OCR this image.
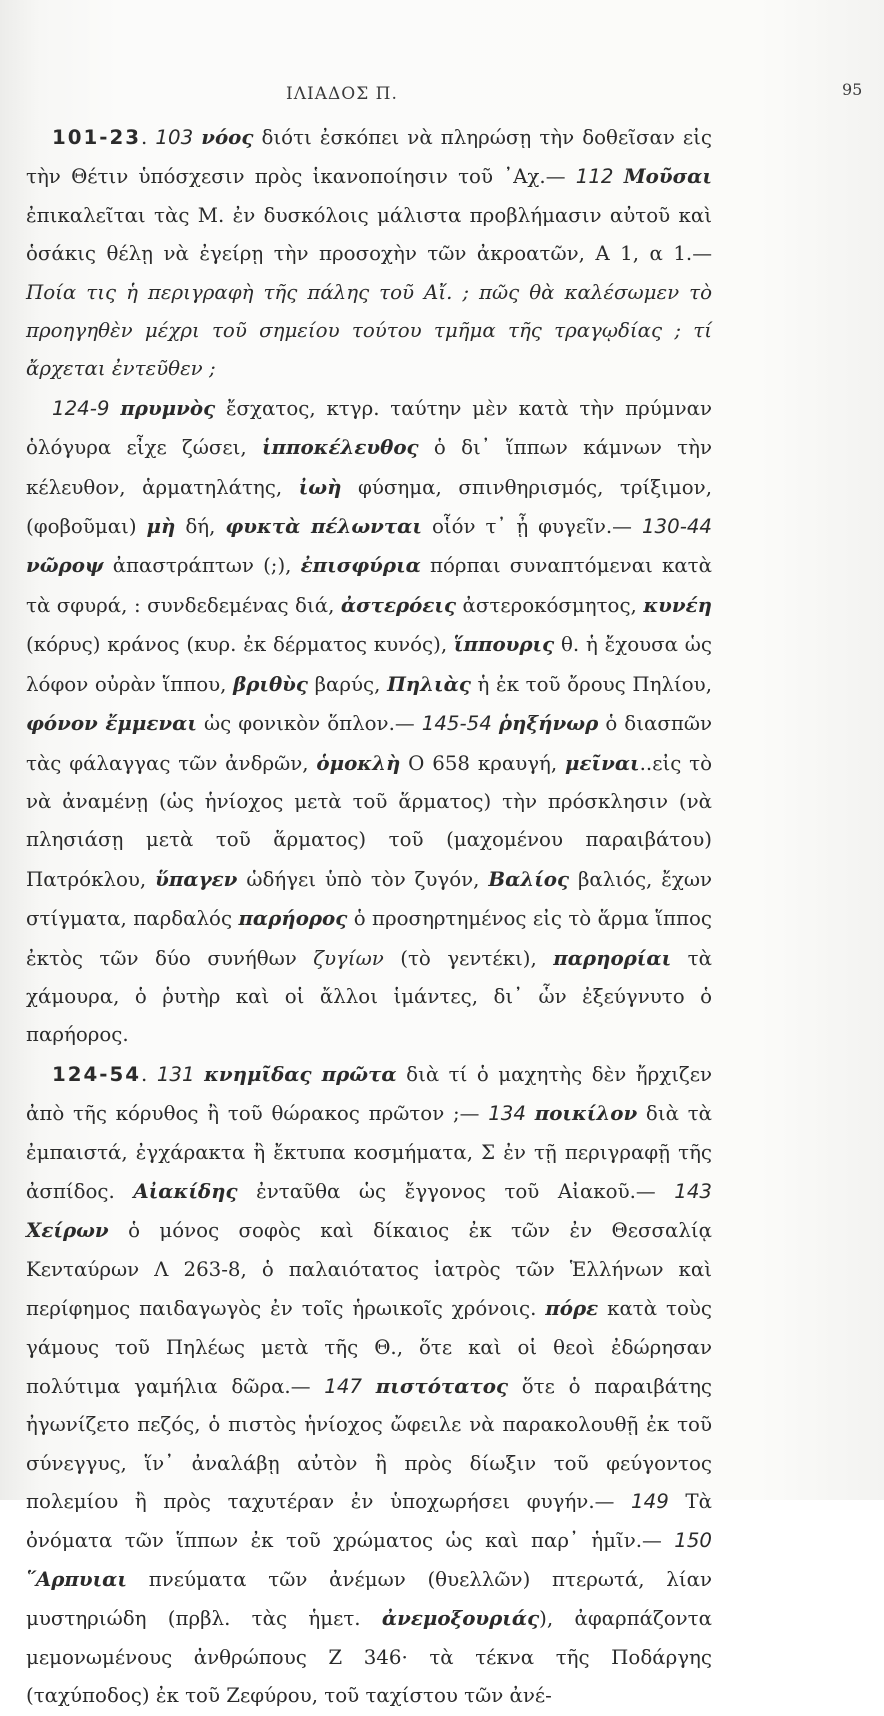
ΙΛΙΑΔΟΣ Π.	95

101-23. 103 νόος διότι ἐσκόπει νὰ πληρώσῃ τὴν δοθεῖσαν εἰς τὴν Θέτιν ὑπόσχεσιν πρὸς ἱκανοποίησιν τοῦ ᾿Αχ.— 112 Μοῦσαι ἐπικαλεῖται τὰς Μ. ἐν δυσκόλοις μάλιστα προβλήμασιν αὐτοῦ καὶ ὁσάκις θέλῃ νὰ ἐγείρῃ τὴν προσοχὴν τῶν ἀκροατῶν, Α 1, α 1.—Ποία τις ἡ περιγραφὴ τῆς πάλης τοῦ Αἴ. ; πῶς θὰ καλέσωμεν τὸ προηγηθὲν μέχρι τοῦ σημείου τούτου τμῆμα τῆς τραγῳδίας ; τί ἄρχεται ἐντεῦθεν ;

124-9 πρυμνὸς ἔσχατος, κτγρ. ταύτην μὲν κατὰ τὴν πρύμναν ὁλόγυρα εἶχε ζώσει, ἱπποκέλευθος ὁ δι᾿ ἵππων κάμνων τὴν κέλευθον, ἁρματηλάτης, ἰωὴ φύσημα, σπινθηρισμός, τρίξιμον, (φοβοῦμαι) μὴ δή, φυκτὰ πέλωνται οἷόν τ᾿ ᾖ φυγεῖν.— 130-44 νῶροψ ἀπαστράπτων (;), ἐπισφύρια πόρπαι συναπτόμεναι κατὰ τὰ σφυρά, : συνδεδεμένας διά, ἀστερόεις ἀστεροκόσμητος, κυνέη (κόρυς) κράνος (κυρ. ἐκ δέρματος κυνός), ἵππουρις θ. ἡ ἔχουσα ὡς λόφον οὐρὰν ἵππου, βριθὺς βαρύς, Πηλιὰς ἡ ἐκ τοῦ ὄρους Πηλίου, φόνον ἔμμεναι ὡς φονικὸν ὅπλον.— 145-54 ῥηξήνωρ ὁ διασπῶν τὰς φάλαγγας τῶν ἀνδρῶν, ὁμοκλὴ Ο 658 κραυγή, μεῖναι..εἰς τὸ νὰ ἀναμένῃ (ὡς ἡνίοχος μετὰ τοῦ ἅρματος) τὴν πρόσκλησιν (νὰ πλησιάσῃ μετὰ τοῦ ἅρματος) τοῦ (μαχομένου παραιβάτου) Πατρόκλου, ὕπαγεν ὡδήγει ὑπὸ τὸν ζυγόν, Βαλίος βαλιός, ἔχων στίγματα, παρδαλός παρήορος ὁ προσηρτημένος εἰς τὸ ἅρμα ἵππος ἐκτὸς τῶν δύο συνήθων ζυγίων (τὸ γεντέκι), παρηορίαι τὰ χάμουρα, ὁ ῥυτὴρ καὶ οἱ ἄλλοι ἱμάντες, δι᾿ ὧν ἐξεύγνυτο ὁ παρήορος.

124-54. 131 κνημῖδας πρῶτα διὰ τί ὁ μαχητὴς δὲν ἤρχιζεν ἀπὸ τῆς κόρυθος ἢ τοῦ θώρακος πρῶτον ;— 134 ποικίλον διὰ τὰ ἐμπαιστά, ἐγχάρακτα ἢ ἔκτυπα κοσμήματα, Σ ἐν τῇ περιγραφῇ τῆς ἀσπίδος. Αἰακίδης ἐνταῦθα ὡς ἔγγονος τοῦ Αἰακοῦ.— 143 Χείρων ὁ μόνος σοφὸς καὶ δίκαιος ἐκ τῶν ἐν Θεσσαλίᾳ Κενταύρων Λ 263-8, ὁ παλαιότατος ἰατρὸς τῶν Ἑλλήνων καὶ περίφημος παιδαγωγὸς ἐν τοῖς ἡρωικοῖς χρόνοις. πόρε κατὰ τοὺς γάμους τοῦ Πηλέως μετὰ τῆς Θ., ὅτε καὶ οἱ θεοὶ ἐδώρησαν πολύτιμα γαμήλια δῶρα.— 147 πιστότατος ὅτε ὁ παραιβάτης ἠγωνίζετο πεζός, ὁ πιστὸς ἡνίοχος ὤφειλε νὰ παρακολουθῇ ἐκ τοῦ σύνεγγυς, ἵν᾿ ἀναλάβῃ αὐτὸν ἢ πρὸς δίωξιν τοῦ φεύγοντος πολεμίου ἢ πρὸς ταχυτέραν ἐν ὑποχωρήσει φυγήν.— 149 Τὰ ὀνόματα τῶν ἵππων ἐκ τοῦ χρώματος ὡς καὶ παρ᾿ ἡμῖν.— 150 ῞Αρπυιαι πνεύματα τῶν ἀνέμων (θυελλῶν) πτερωτά, λίαν μυστηριώδη (πρβλ. τὰς ἡμετ. ἀνεμοξουριάς), ἀφαρπάζοντα μεμονωμένους ἀνθρώπους Ζ 346· τὰ τέκνα τῆς Ποδάργης (ταχύποδος) ἐκ τοῦ Ζεφύρου, τοῦ ταχίστου τῶν ἀνέ-
